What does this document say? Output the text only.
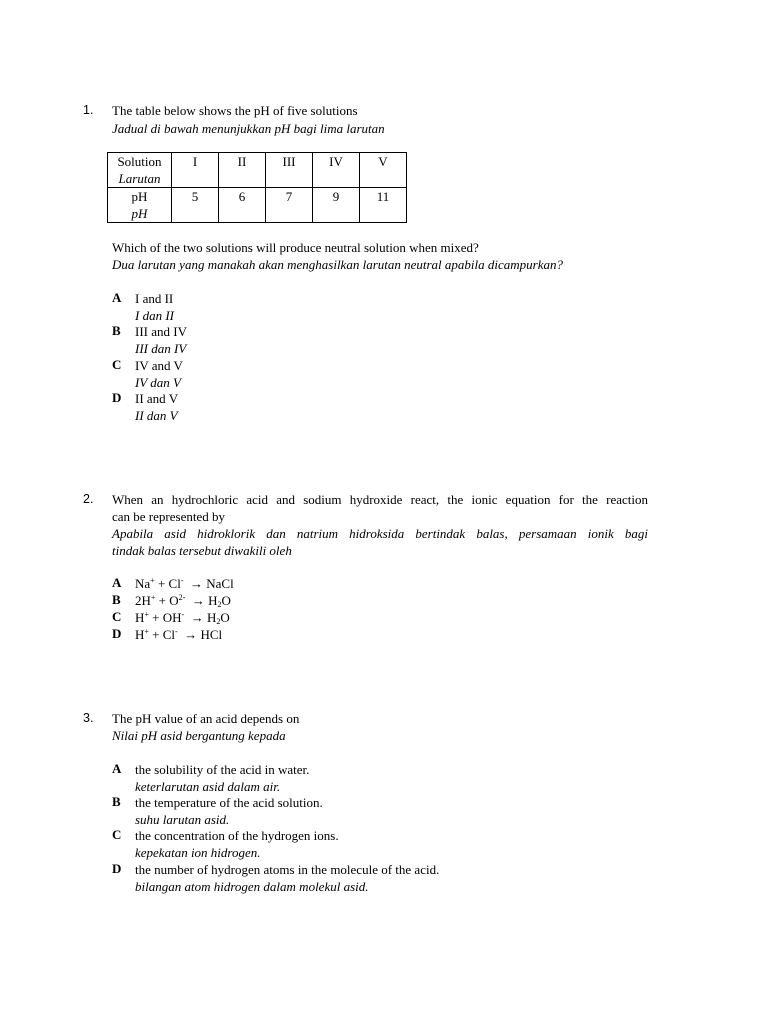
1. The table below shows the pH of five solutions
Jadual di bawah menunjukkan pH bagi lima larutan
Solution
Larutan	I	II	III	IV	V

pH
pH	5	6	7	9	11
Which of the two solutions will produce neutral solution when mixed?
Dua larutan yang manakah akan menghasilkan larutan neutral apabila dicampurkan?
A I and II
I dan II
B III and IV
III dan IV
C IV and V
IV dan V
D II and V
II dan V
2. When an hydrochloric acid and sodium hydroxide react, the ionic equation for the reaction
can be represented by
Apabila asid hidroklorik dan natrium hidroksida bertindak balas, persamaan ionik bagi
tindak balas tersebut diwakili oleh
A Na+ + Cl-  → NaCl
B $2H^+ + O^{2-} \to H_2O$
C $H^+ + OH^- \to H_2O$
D H+ + Cl-  → HCl
3. The pH value of an acid depends on
Nilai pH asid bergantung kepada
A the solubility of the acid in water.
keterlarutan asid dalam air.
B the temperature of the acid solution.
suhu larutan asid.
C the concentration of the hydrogen ions.
kepekatan ion hidrogen.
D the number of hydrogen atoms in the molecule of the acid.
bilangan atom hidrogen dalam molekul asid.
